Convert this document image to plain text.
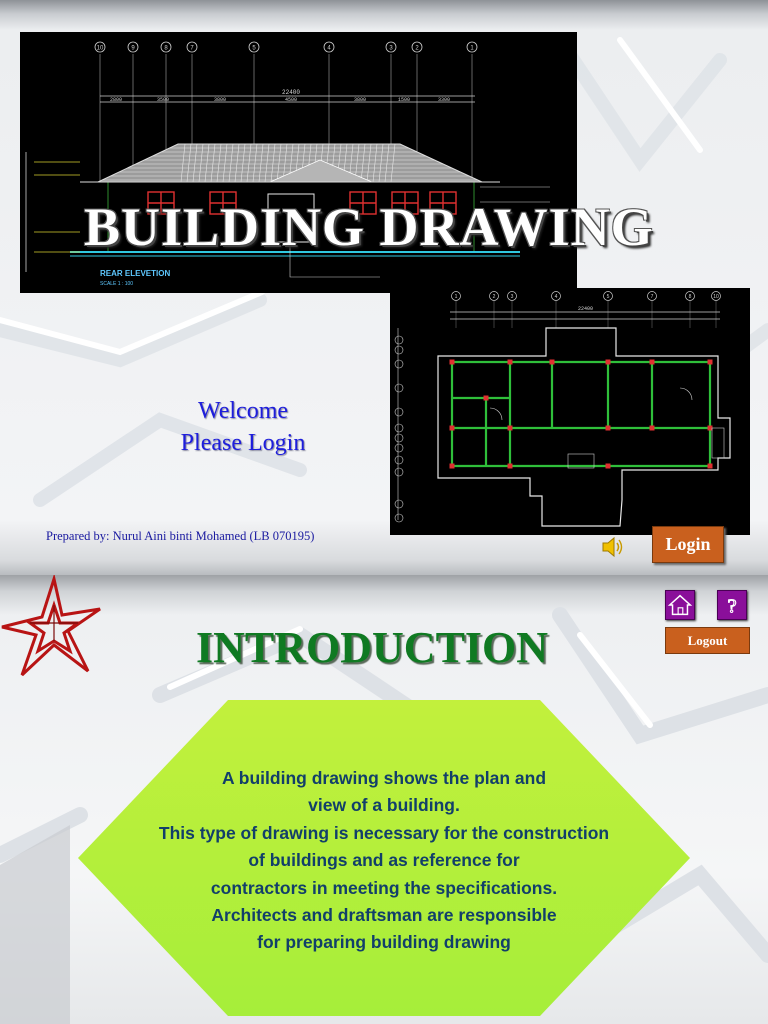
10	9	8	7	5	4	3	2	1
22400
2800	3500	3800	4500	3800	1500	3300
REAR ELEVETION
SCALE 1 : 100
BUILDING DRAWING
1	2	3	4	5	7	8	10
22400
Welcome
Please Login
Prepared by: Nurul Aini binti Mohamed (LB 070195)	Login
?
Logout
INTRODUCTION
A building drawing shows the plan and
view of a building.
This type of drawing is necessary for the construction
of buildings and as reference for
contractors in meeting the specifications.
Architects and draftsman are responsible
for preparing building drawing
